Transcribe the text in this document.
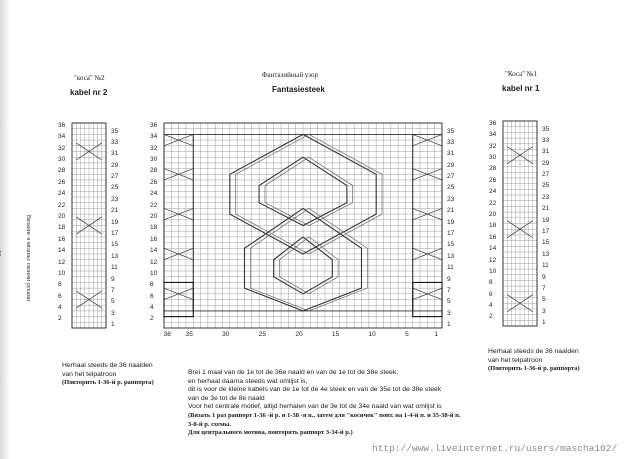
Вязание и вязанье своими руками
"коса" №2
kabel nr 2
Фантазийный узор
Fantasiesteek
"Коса" №1
kabel nr 1
36
34
32
30
28
26
24
22
20
18
16
14
12
10
8
6
4
2
35
33
31
29
27
25
23
21
19
17
15
13
11
9
7
5
3
1
36
34
32
30
28
26
24
22
20
18
16
14
12
10
8
6
4
2
35
33
31
29
27
25
23
21
19
17
15
13
11
9
7
5
3
1
38 35	30	25	20	15	10	5	1
36
34
32
30
28
26
24
22
20
18
16
14
12
10
8
6
4
2
35
33
31
29
27
25
23
21
19
17
15
13
11
9
7
5
3
1
Herhaal steeds de 36 naalden
van het telpatroon
(Повторить 1-36-й р. раппорта)
Brei 1 maal van de 1e tot de 36e naald en van de 1e tot de 38e steek,
en herhaal daarna steeds wat omlijst is,
dit is voor de kleine kabels van de 1e tot de 4e steek en van de 35e tot de 38e steek
van de 3e tot de 8e naald
Voor het centrale motief, altijd herhalen van de 3e tot de 34e naald van wat omlijst is
(Вязать 1 раз раппорт 1-36 -й р. и 1-38 -я п., затем для "косичек" повт. на 1-4-й п. и 35-38-й п.
3-8-й р. схемы.
Для центрального мотива, повторять раппорт 3-34-й р.)
Herhaal steeds de 36 naalden
van het telpatroon
(Повторить 1-36-й р. раппорта)
http://www.liveinternet.ru/users/mascha102/
